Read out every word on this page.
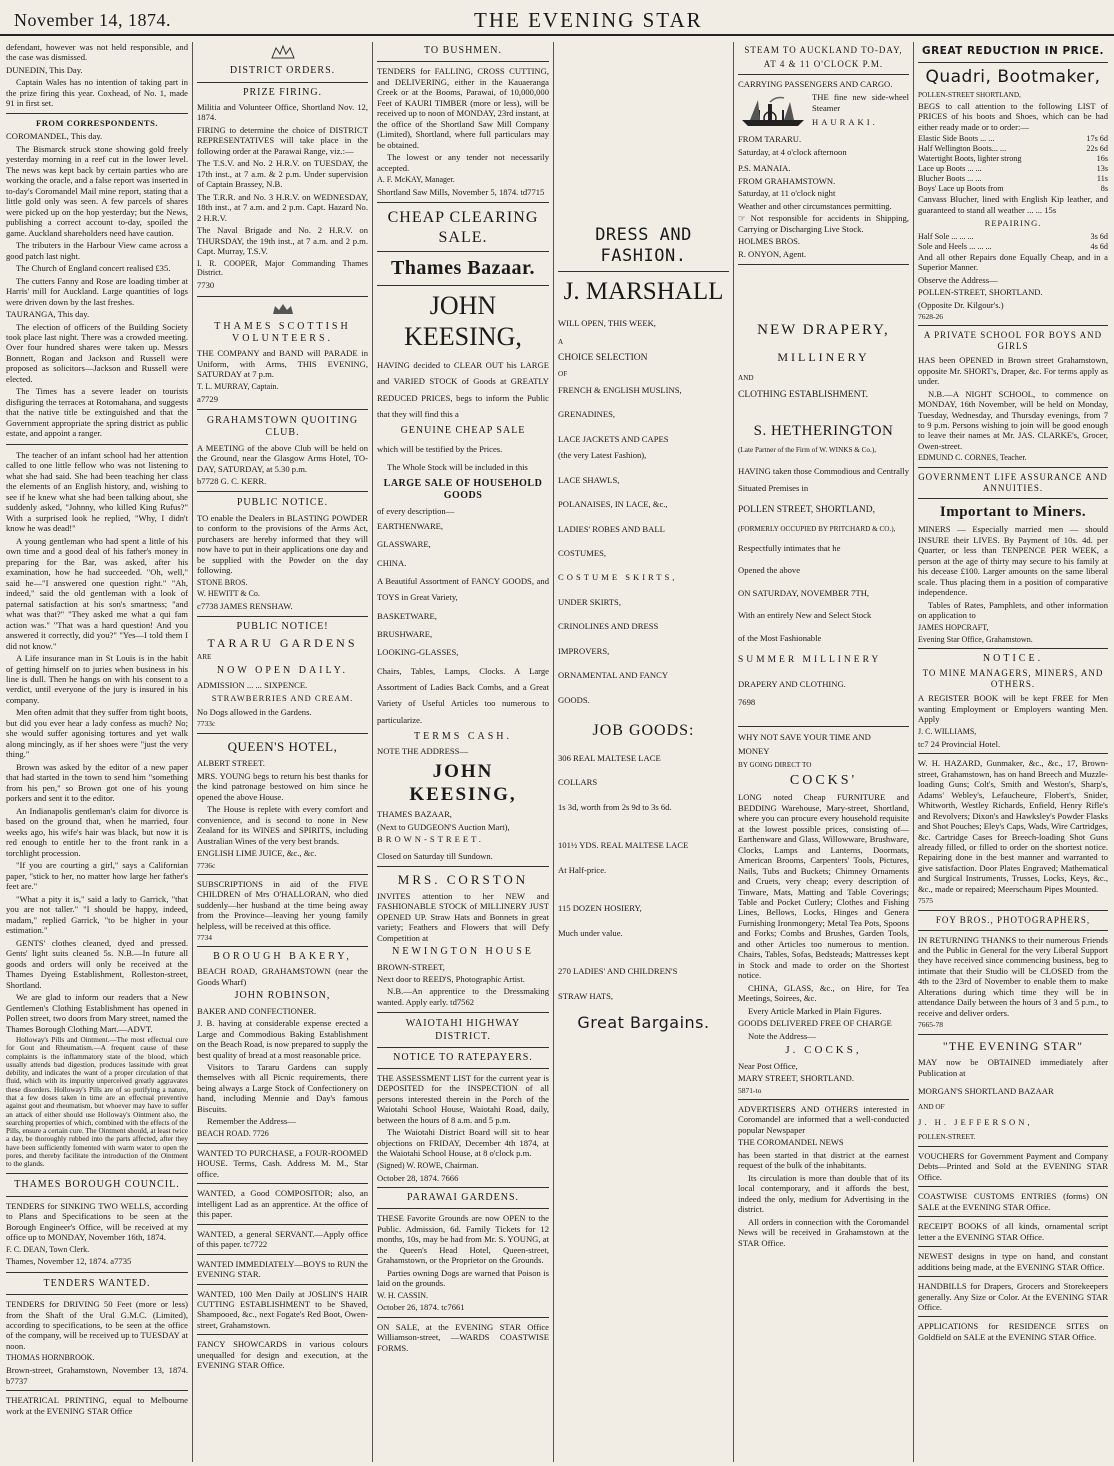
November 14, 1874.	THE EVENING STAR

defendant, however was not held responsible, and the case was dismissed.

DUNEDIN, This Day.

Captain Wales has no intention of taking part in the prize firing this year. Coxhead, of No. 1, made 91 in first set.

FROM CORRESPONDENTS.

COROMANDEL, This day.

The Bismarck struck stone showing gold freely yesterday morning in a reef cut in the lower level. The news was kept back by certain parties who are working the oracle, and a false report was inserted in to-day's Coromandel Mail mine report, stating that a little gold only was seen. A few parcels of shares were picked up on the hop yesterday; but the News, publishing a correct account to-day, spoiled the game. Auckland shareholders need have caution.

The tributers in the Harbour View came across a good patch last night.

The Church of England concert realised £35.

The cutters Fanny and Rose are loading timber at Harris' mill for Auckland. Large quantities of logs were driven down by the last freshes.

TAURANGA, This day.

The election of officers of the Building Society took place last night. There was a crowded meeting. Over four hundred shares were taken up. Messrs Bonnett, Rogan and Jackson and Russell were proposed as solicitors—Jackson and Russell were elected.

The Times has a severe leader on tourists disfiguring the terraces at Rotomahana, and suggests that the native title be extinguished and that the Government appropriate the spring district as public estate, and appoint a ranger.

The teacher of an infant school had her attention called to one little fellow who was not listening to what she had said. She had been teaching her class the elements of an English history, and, wishing to see if he knew what she had been talking about, she suddenly asked, "Johnny, who killed King Rufus?" With a surprised look he replied, "Why, I didn't know he was dead!"

A young gentleman who had spent a little of his own time and a good deal of his father's money in preparing for the Bar, was asked, after his examination, how he had succeeded. "Oh, well," said he—"I answered one question right." "Ah, indeed," said the old gentleman with a look of paternal satisfaction at his son's smartness; "and what was that?" "They asked me what a qui fam action was." "That was a hard question! And you answered it correctly, did you?" "Yes—I told them I did not know."

A Life insurance man in St Louis is in the habit of getting himself on to juries when business in his line is dull. Then he hangs on with his consent to a verdict, until everyone of the jury is insured in his company.

Men often admit that they suffer from tight boots, but did you ever hear a lady confess as much? No; she would suffer agonising tortures and yet walk along mincingly, as if her shoes were "just the very thing."

Brown was asked by the editor of a new paper that had started in the town to send him "something from his pen," so Brown got one of his young porkers and sent it to the editor.

An Indianapolis gentleman's claim for divorce is based on the ground that, when he married, four weeks ago, his wife's hair was black, but now it is red enough to entitle her to the front rank in a torchlight procession.

"If you are courting a girl," says a Californian paper, "stick to her, no matter how large her father's feet are."

"What a pity it is," said a lady to Garrick, "that you are not taller." "I should be happy, indeed, madam," replied Garrick, "to be higher in your estimation."

GENTS' clothes cleaned, dyed and pressed. Gents' light suits cleaned 5s. N.B.—In future all goods and orders will only be received at the Thames Dyeing Establishment, Rolleston-street, Shortland.

We are glad to inform our readers that a New Gentlemen's Clothing Establishment has opened in Pollen street, two doors from Mary street, named the Thames Borough Clothing Mart.—ADVT.

Holloway's Pills and Ointment.—The most effectual cure for Gout and Rheumatism.—A frequent cause of these complaints is the inflammatory state of the blood, which usually attends bad digestion, produces lassitude with great debility, and indicates the want of a proper circulation of that fluid, which with its impurity unperceived greatly aggravates these disorders. Holloway's Pills are of so purifying a nature, that a few doses taken in time are an effectual preventive against gout and rheumatism, but whoever may have to suffer an attack of either should use Holloway's Ointment also, the searching properties of which, combined with the effects of the Pills, ensure a certain cure. The Ointment should, at least twice a day, be thoroughly rubbed into the parts affected, after they have been sufficiently fomented with warm water to open the pores, and thereby facilitate the introduction of the Ointment to the glands.

THAMES BOROUGH COUNCIL.

TENDERS for SINKING TWO WELLS, according to Plans and Specifications to be seen at the Borough Engineer's Office, will be received at my office up to MONDAY, November 16th, 1874.

F. C. DEAN, Town Clerk.

Thames, November 12, 1874. a7735

TENDERS WANTED.

TENDERS for DRIVING 50 Feet (more or less) from the Shaft of the Ural G.M.C. (Limited), according to specifications, to be seen at the office of the company, will be received up to TUESDAY at noon.

THOMAS HORNBROOK.

Brown-street, Grahamstown, November 13, 1874. b7737

THEATRICAL PRINTING, equal to Melbourne work at the EVENING STAR Office

DISTRICT ORDERS.
PRIZE FIRING.

Militia and Volunteer Office, Shortland Nov. 12, 1874.

FIRING to determine the choice of DISTRICT REPRESENTATIVES will take place in the following order at the Parawai Range, viz.:—

The T.S.V. and No. 2 H.R.V. on TUESDAY, the 17th inst., at 7 a.m. & 2 p.m. Under supervision of Captain Brassey, N.B.

The T.R.R. and No. 3 H.R.V. on WEDNESDAY, 18th inst., at 7 a.m. and 2 p.m. Capt. Hazard No. 2 H.R.V.

The Naval Brigade and No. 2 H.R.V. on THURSDAY, the 19th inst., at 7 a.m. and 2 p.m. Capt. Murray, T.S.V.

I. R. COOPER, Major Commanding Thames District.

7730

THAMES SCOTTISH VOLUNTEERS.

THE COMPANY and BAND will PARADE in Uniform, with Arms, THIS EVENING, SATURDAY at 7 p.m.

T. L. MURRAY, Captain.

a7729

GRAHAMSTOWN QUOITING CLUB.

A MEETING of the above Club will be held on the Ground, near the Glasgow Arms Hotel, TO-DAY, SATURDAY, at 5.30 p.m.

b7728 G. C. KERR.

PUBLIC NOTICE.

TO enable the Dealers in BLASTING POWDER to conform to the provisions of the Arms Act, purchasers are hereby informed that they will now have to put in their applications one day and be supplied with the Powder on the day following.

STONE BROS.

W. HEWITT & Co.

c7738 JAMES RENSHAW.

PUBLIC NOTICE!
TARARU GARDENS

ARE

NOW OPEN DAILY.

ADMISSION ... ... SIXPENCE.

STRAWBERRIES AND CREAM.

No Dogs allowed in the Gardens.

7733c

QUEEN'S HOTEL,

ALBERT STREET.

MRS. YOUNG begs to return his best thanks for the kind patronage bestowed on him since he opened the above House.

The House is replete with every comfort and convenience, and is second to none in New Zealand for its WINES and SPIRITS, including Australian Wines of the very best brands.

ENGLISH LIME JUICE, &c., &c.

7736c

SUBSCRIPTIONS in aid of the FIVE CHILDREN of Mrs O'HALLORAN, who died suddenly—her husband at the time being away from the Province—leaving her young family helpless, will be received at this office.

7734

BOROUGH BAKERY,

BEACH ROAD, GRAHAMSTOWN (near the Goods Wharf)

JOHN ROBINSON,

BAKER AND CONFECTIONER.

J. B. having at considerable expense erected a Large and Commodious Baking Establishment on the Beach Road, is now prepared to supply the best quality of bread at a most reasonable price.

Visitors to Tararu Gardens can supply themselves with all Picnic requirements, there being always a Large Stock of Confectionery on hand, including Mennie and Day's famous Biscuits.

Remember the Address—

BEACH ROAD. 7726

WANTED TO PURCHASE, a FOUR-ROOMED HOUSE. Terms, Cash. Address M. M., Star office.

WANTED, a Good COMPOSITOR; also, an intelligent Lad as an apprentice. At the office of this paper.

WANTED, a general SERVANT.—Apply office of this paper. tc7722

WANTED IMMEDIATELY—BOYS to RUN the EVENING STAR.

WANTED, 100 Men Daily at JOSLIN'S HAIR CUTTING ESTABLISHMENT to be Shaved, Shampooed, &c., next Fogate's Red Boot, Owen-street, Grahamstown.

FANCY SHOWCARDS in various colours unequalled for design and execution, at the EVENING STAR Office.

TO BUSHMEN.

TENDERS for FALLING, CROSS CUTTING, and DELIVERING, either in the Kauaeranga Creek or at the Booms, Parawai, of 10,000,000 Feet of KAURI TIMBER (more or less), will be received up to noon of MONDAY, 23rd instant, at the office of the Shortland Saw Mill Company (Limited), Shortland, where full particulars may be obtained.

The lowest or any tender not necessarily accepted.

A. F. McKAY, Manager.

Shortland Saw Mills, November 5, 1874. td7715

CHEAP CLEARING SALE.
Thames Bazaar.
JOHN KEESING,

HAVING decided to CLEAR OUT his LARGE and VARIED STOCK of Goods at GREATLY REDUCED PRICES, begs to inform the Public that they will find this a

GENUINE CHEAP SALE

which will be testified by the Prices.

The Whole Stock will be included in this

LARGE SALE OF HOUSEHOLD GOODS

of every description—

EARTHENWARE,

GLASSWARE,

CHINA.

A Beautiful Assortment of FANCY GOODS, and TOYS in Great Variety,

BASKETWARE,

BRUSHWARE,

LOOKING-GLASSES,

Chairs, Tables, Lamps, Clocks. A Large Assortment of Ladies Back Combs, and a Great Variety of Useful Articles too numerous to particularize.

TERMS CASH.

NOTE THE ADDRESS—

JOHN KEESING,

THAMES BAZAAR,

(Next to GUDGEON'S Auction Mart),

BROWN-STREET.

Closed on Saturday till Sundown.

MRS. CORSTON

INVITES attention to her NEW and FASHIONABLE STOCK of MILLINERY JUST OPENED UP. Straw Hats and Bonnets in great variety; Feathers and Flowers that will Defy Competition at

NEWINGTON HOUSE

BROWN-STREET,

Next door to REED'S, Photographic Artist.

N.B.—An apprentice to the Dressmaking wanted. Apply early. td7562

WAIOTAHI HIGHWAY DISTRICT.
NOTICE TO RATEPAYERS.

THE ASSESSMENT LIST for the current year is DEPOSITED for the INSPECTION of all persons interested therein in the Porch of the Waiotahi School House, Waiotahi Road, daily, between the hours of 8 a.m. and 5 p.m.

The Waiotahi District Board will sit to hear objections on FRIDAY, December 4th 1874, at the Waiotahi School House, at 8 o'clock p.m.

(Signed) W. ROWE, Chairman.

October 28, 1874. 7666

PARAWAI GARDENS.

THESE Favorite Grounds are now OPEN to the Public. Admission, 6d. Family Tickets for 12 months, 10s, may be had from Mr. S. YOUNG, at the Queen's Head Hotel, Queen-street, Grahamstown, or the Proprietor on the Grounds.

Parties owning Dogs are warned that Poison is laid on the grounds.

W. H. CASSIN.

October 26, 1874. tc7661

ON SALE, at the EVENING STAR Office Williamson-street, —WARDS COASTWISE FORMS.

DRESS AND FASHION.
J. MARSHALL

WILL OPEN, THIS WEEK,

A

CHOICE SELECTION

OF

FRENCH & ENGLISH MUSLINS,

GRENADINES,

LACE JACKETS AND CAPES

(the very Latest Fashion),

LACE SHAWLS,

POLANAISES, IN LACE, &c.,

LADIES' ROBES AND BALL

COSTUMES,

COSTUME SKIRTS,

UNDER SKIRTS,

CRINOLINES AND DRESS

IMPROVERS,

ORNAMENTAL AND FANCY

GOODS.

JOB GOODS:

306 REAL MALTESE LACE

COLLARS

1s 3d, worth from 2s 9d to 3s 6d.

101½ YDS. REAL MALTESE LACE

At Half-price.

115 DOZEN HOSIERY,

Much under value.

270 LADIES' AND CHILDREN'S

STRAW HATS,

Great Bargains.
STEAM TO AUCKLAND TO-DAY,
AT 4 & 11 O'CLOCK P.M.

CARRYING PASSENGERS AND CARGO.

THE fine new side-wheel Steamer

HAURAKI.

FROM TARARU.

Saturday, at 4 o'clock afternoon

P.S. MANAIA.

FROM GRAHAMSTOWN.

Saturday, at 11 o'clock night

Weather and other circumstances permitting.

☞ Not responsible for accidents in Shipping, Carrying or Discharging Live Stock.

HOLMES BROS.

R. ONYON, Agent.

NEW DRAPERY,
MILLINERY

AND

CLOTHING ESTABLISHMENT.

S. HETHERINGTON

(Late Partner of the Firm of W. WINKS & Co.),

HAVING taken those Commodious and Centrally Situated Premises in

POLLEN STREET, SHORTLAND,

(FORMERLY OCCUPIED BY PRITCHARD & CO.),

Respectfully intimates that he

Opened the above

ON SATURDAY, NOVEMBER 7TH,

With an entirely New and Select Stock

of the Most Fashionable

SUMMER MILLINERY

DRAPERY AND CLOTHING.

7698

WHY NOT SAVE YOUR TIME AND

MONEY

BY GOING DIRECT TO

COCKS'

LONG noted Cheap FURNITURE and BEDDING Warehouse, Mary-street, Shortland, where you can procure every household requisite at the lowest possible prices, consisting of—Earthenware and Glass, Willowware, Brushware, Clocks, Lamps and Lanterns, Doormats, American Brooms, Carpenters' Tools, Pictures, Nails, Tubs and Buckets; Chimney Ornaments and Cruets, very cheap; every description of Tinware, Mats, Matting and Table Coverings; Table and Pocket Cutlery; Clothes and Fishing Lines, Bellows, Locks, Hinges and Genera Furnishing Ironmongery; Metal Tea Pots, Spoons and Forks; Combs and Brushes, Garden Tools, and other Articles too numerous to mention. Chairs, Tables, Sofas, Bedsteads; Mattresses kept in Stock and made to order on the Shortest notice.

CHINA, GLASS, &c., on Hire, for Tea Meetings, Soirees, &c.

Every Article Marked in Plain Figures.

GOODS DELIVERED FREE OF CHARGE

Note the Address—

J. COCKS,

Near Post Office,

MARY STREET, SHORTLAND.

5871-to

ADVERTISERS AND OTHERS interested in Coromandel are informed that a well-conducted popular Newspaper

THE COROMANDEL NEWS

has been started in that district at the earnest request of the bulk of the inhabitants.

Its circulation is more than double that of its local contemporary, and it affords the best, indeed the only, medium for Advertising in the district.

All orders in connection with the Coromandel News will be received in Grahamstown at the STAR Office.

GREAT REDUCTION IN PRICE.
Quadri, Bootmaker,

POLLEN-STREET SHORTLAND,

BEGS to call attention to the following LIST of PRICES of his boots and Shoes, which can be had either ready made or to order:—

Elastic Side Boots ... ...	17s 6d
Half Wellington Boots... ...	22s 6d
Watertight Boots, lighter strong	16s
Lace up Boots ... ...	13s
Blucher Boots ... ...	11s
Boys' Lace up Boots from	8s

Canvass Blucher, lined with English Kip leather, and guaranteed to stand all weather ... ... 15s

REPAIRING.
Half Sole ... ... ...	3s 6d
Sole and Heels ... ... ...	4s 6d

And all other Repairs done Equally Cheap, and in a Superior Manner.

Observe the Address—

POLLEN-STREET, SHORTLAND.

(Opposite Dr. Kilgour's.)

7628-26

A PRIVATE SCHOOL FOR BOYS AND GIRLS

HAS been OPENED in Brown street Grahamstown, opposite Mr. SHORT's, Draper, &c. For terms apply as under.

N.B.—A NIGHT SCHOOL, to commence on MONDAY, 16th November, will be held on Monday, Tuesday, Wednesday, and Thursday evenings, from 7 to 9 p.m. Persons wishing to join will be good enough to leave their names at Mr. JAS. CLARKE's, Grocer, Owen-street.

EDMUND C. CORNES, Teacher.

GOVERNMENT LIFE ASSURANCE AND ANNUITIES.
Important to Miners.

MINERS — Especially married men — should INSURE their LIVES. By Payment of 10s. 4d. per Quarter, or less than TENPENCE PER WEEK, a person at the age of thirty may secure to his family at his decease £100. Larger amounts on the same liberal scale. Thus placing them in a position of comparative independence.

Tables of Rates, Pamphlets, and other information on application to

JAMES HOPCRAFT,

Evening Star Office, Grahamstown.

NOTICE.
TO MINE MANAGERS, MINERS, AND OTHERS.

A REGISTER BOOK will be kept FREE for Men wanting Employment or Employers wanting Men. Apply

J. C. WILLIAMS,

tc7 24 Provincial Hotel.

W. H. HAZARD, Gunmaker, &c., &c., 17, Brown-street, Grahamstown, has on hand Breech and Muzzle-loading Guns; Colt's, Smith and Weston's, Sharp's, Adams' Webley's, Lefaucheure, Flobert's, Snider, Whitworth, Westley Richards, Enfield, Henry Rifle's and Revolvers; Dixon's and Hawksley's Powder Flasks and Shot Pouches; Eley's Caps, Wads, Wire Cartridges, &c. Cartridge Cases for Breech-loading Shot Guns already filled, or filled to order on the shortest notice. Repairing done in the best manner and warranted to give satisfaction. Door Plates Engraved; Mathematical and Surgical Instruments, Trusses, Locks, Keys, &c., &c., made or repaired; Meerschaum Pipes Mounted.

7575

FOY BROS., PHOTOGRAPHERS,

IN RETURNING THANKS to their numerous Friends and the Public in General for the very Liberal Support they have received since commencing business, beg to intimate that their Studio will be CLOSED from the 4th to the 23rd of November to enable them to make Alterations during which time they will be in attendance Daily between the hours of 3 and 5 p.m., to receive and deliver orders.

7665-78

"THE EVENING STAR"

MAY now be OBTAINED immediately after Publication at

MORGAN'S SHORTLAND BAZAAR

AND OF

J. H. JEFFERSON,

POLLEN-STREET.

VOUCHERS for Government Payment and Company Debts—Printed and Sold at the EVENING STAR Office.

COASTWISE CUSTOMS ENTRIES (forms) ON SALE at the EVENING STAR Office.

RECEIPT BOOKS of all kinds, ornamental script letter a the EVENING STAR Office.

NEWEST designs in type on hand, and constant additions being made, at the EVENING STAR Office.

HANDBILLS for Drapers, Grocers and Storekeepers generally. Any Size or Color. At the EVENING STAR Office.

APPLICATIONS for RESIDENCE SITES on Goldfield on SALE at the EVENING STAR Office.
